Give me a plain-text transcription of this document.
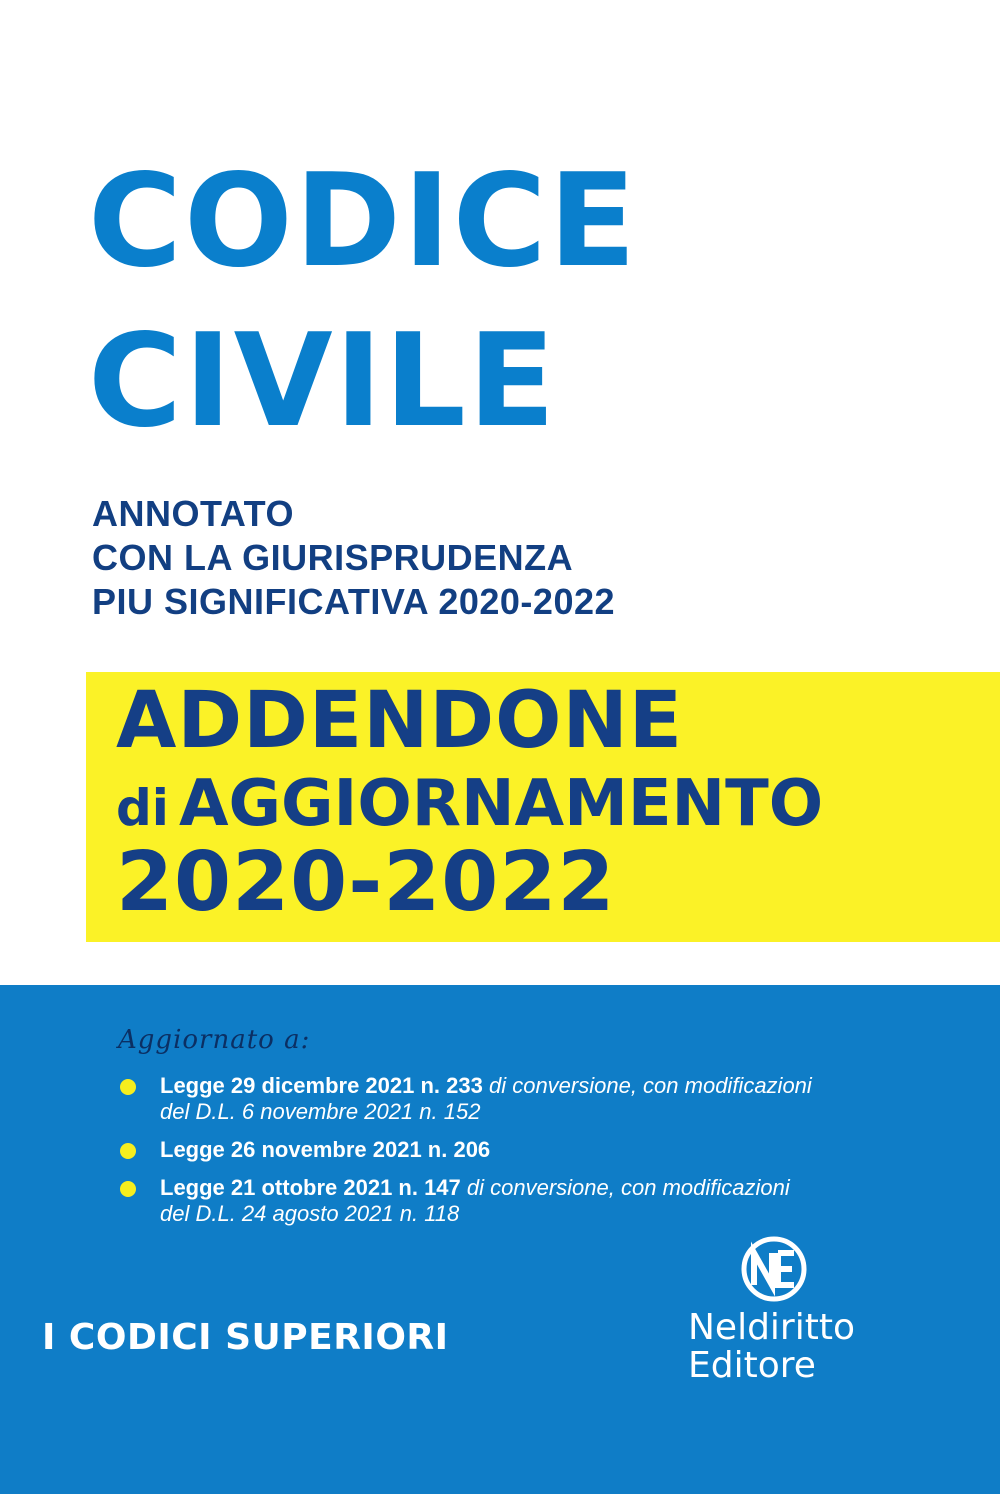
CODICE
CIVILE
ANNOTATO
CON LA GIURISPRUDENZA
PIU SIGNIFICATIVA 2020-2022
ADDENDONE
di AGGIORNAMENTO
2020-2022
Aggiornato a:
Legge 29 dicembre 2021 n. 233 di conversione, con modificazioni
del D.L. 6 novembre 2021 n. 152
Legge 26 novembre 2021 n. 206
Legge 21 ottobre 2021 n. 147 di conversione, con modificazioni
del D.L. 24 agosto 2021 n. 118
I CODICI SUPERIORI	Neldiritto
Editore
